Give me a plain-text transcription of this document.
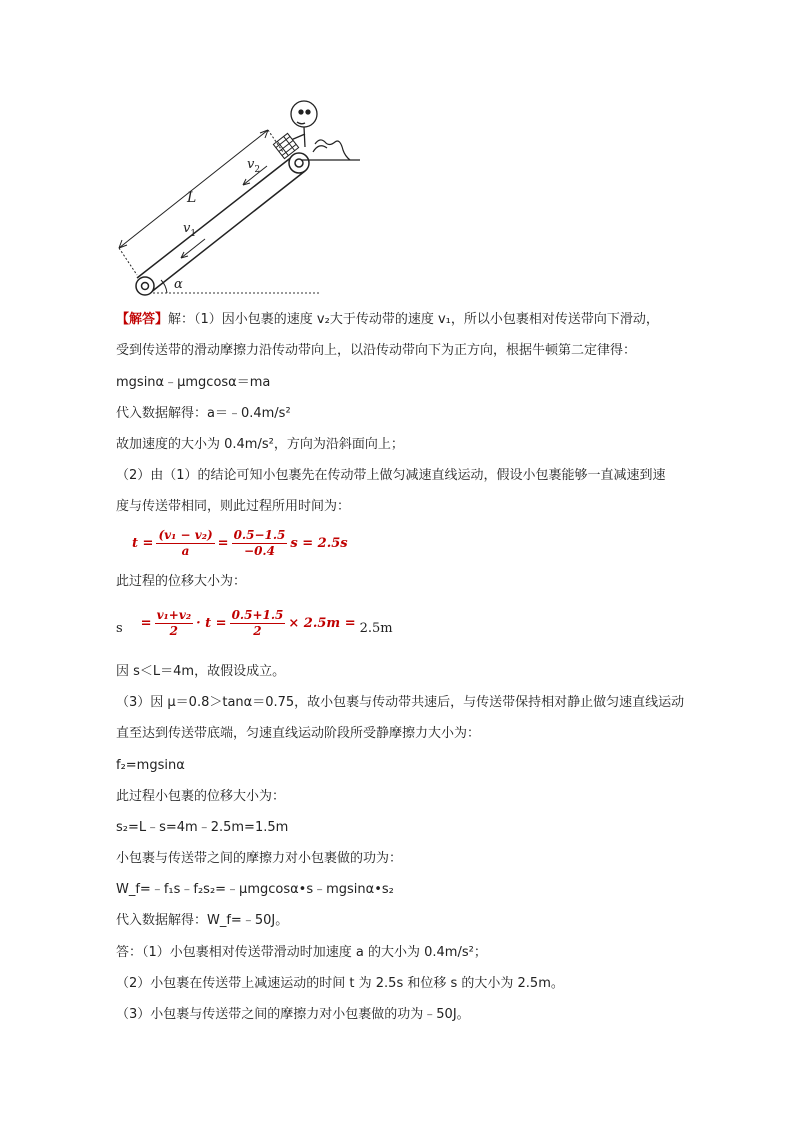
L
$v_2$
$v_1$
α
【解答】解：（1）因小包裹的速度 v₂大于传动带的速度 v₁，所以小包裹相对传送带向下滑动，
受到传送带的滑动摩擦力沿传动带向上，以沿传动带向下为正方向，根据牛顿第二定律得：
mgsinα﹣μmgcosα＝ma
代入数据解得：a＝﹣0.4m/s²
故加速度的大小为 0.4m/s²，方向为沿斜面向上；
（2）由（1）的结论可知小包裹先在传动带上做匀减速直线运动，假设小包裹能够一直减速到速
度与传送带相同，则此过程所用时间为：
$t = \frac{\text{(v₁ − v₂)}}{a} = \frac{0.5-1.5}{-0.4}$ s = 2.5s
此过程的位移大小为：
$s = \frac{\text{v₁+v₂}}{2} \cdot t = \frac{0.5+1.5}{2} \times 2.5m = 2.5m$
因 s＜L＝4m，故假设成立。
（3）因 μ＝0.8＞tanα＝0.75，故小包裹与传动带共速后，与传送带保持相对静止做匀速直线运动
直至达到传送带底端，匀速直线运动阶段所受静摩擦力大小为：
f₂=mgsinα
此过程小包裹的位移大小为：
s₂=L﹣s=4m﹣2.5m=1.5m
小包裹与传送带之间的摩擦力对小包裹做的功为：
W_f=﹣f₁s﹣f₂s₂=﹣μmgcosα•s﹣mgsinα•s₂
代入数据解得：W_f=﹣50J。
答：（1）小包裹相对传送带滑动时加速度 a 的大小为 0.4m/s²；
（2）小包裹在传送带上减速运动的时间 t 为 2.5s 和位移 s 的大小为 2.5m。
（3）小包裹与传送带之间的摩擦力对小包裹做的功为﹣50J。
